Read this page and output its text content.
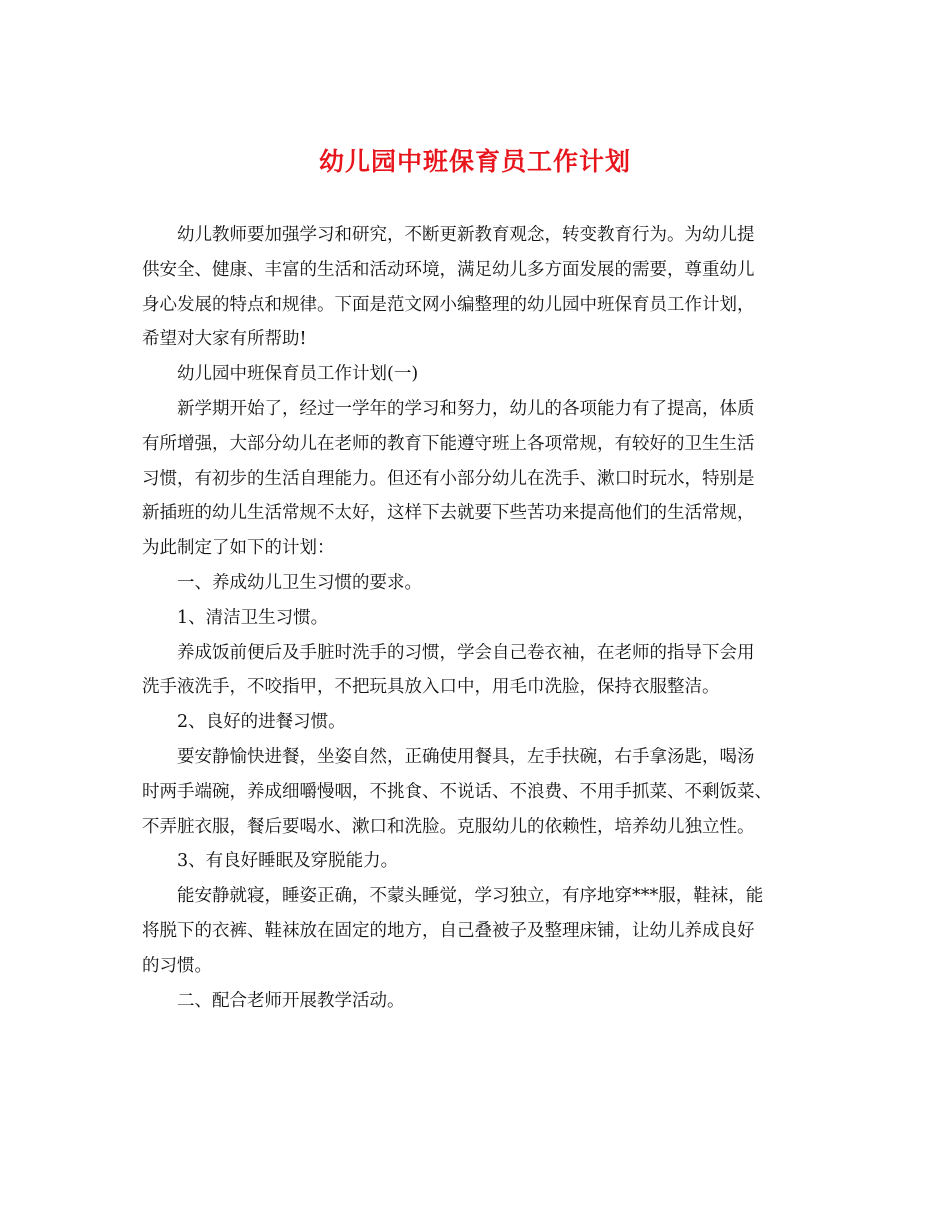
幼儿园中班保育员工作计划

幼儿教师要加强学习和研究，不断更新教育观念，转变教育行为。为幼儿提
供安全、健康、丰富的生活和活动环境，满足幼儿多方面发展的需要，尊重幼儿
身心发展的特点和规律。下面是范文网小编整理的幼儿园中班保育员工作计划，
希望对大家有所帮助!

幼儿园中班保育员工作计划(一)

新学期开始了，经过一学年的学习和努力，幼儿的各项能力有了提高，体质
有所增强，大部分幼儿在老师的教育下能遵守班上各项常规，有较好的卫生生活
习惯，有初步的生活自理能力。但还有小部分幼儿在洗手、漱口时玩水，特别是
新插班的幼儿生活常规不太好，这样下去就要下些苦功来提高他们的生活常规，
为此制定了如下的计划：

一、养成幼儿卫生习惯的要求。

1、清洁卫生习惯。

养成饭前便后及手脏时洗手的习惯，学会自己卷衣袖，在老师的指导下会用
洗手液洗手，不咬指甲，不把玩具放入口中，用毛巾洗脸，保持衣服整洁。

2、良好的进餐习惯。

要安静愉快进餐，坐姿自然，正确使用餐具，左手扶碗，右手拿汤匙，喝汤
时两手端碗，养成细嚼慢咽，不挑食、不说话、不浪费、不用手抓菜、不剩饭菜、
不弄脏衣服，餐后要喝水、漱口和洗脸。克服幼儿的依赖性，培养幼儿独立性。

3、有良好睡眠及穿脱能力。

能安静就寝，睡姿正确，不蒙头睡觉，学习独立，有序地穿***服，鞋袜，能
将脱下的衣裤、鞋袜放在固定的地方，自己叠被子及整理床铺，让幼儿养成良好
的习惯。

二、配合老师开展教学活动。
